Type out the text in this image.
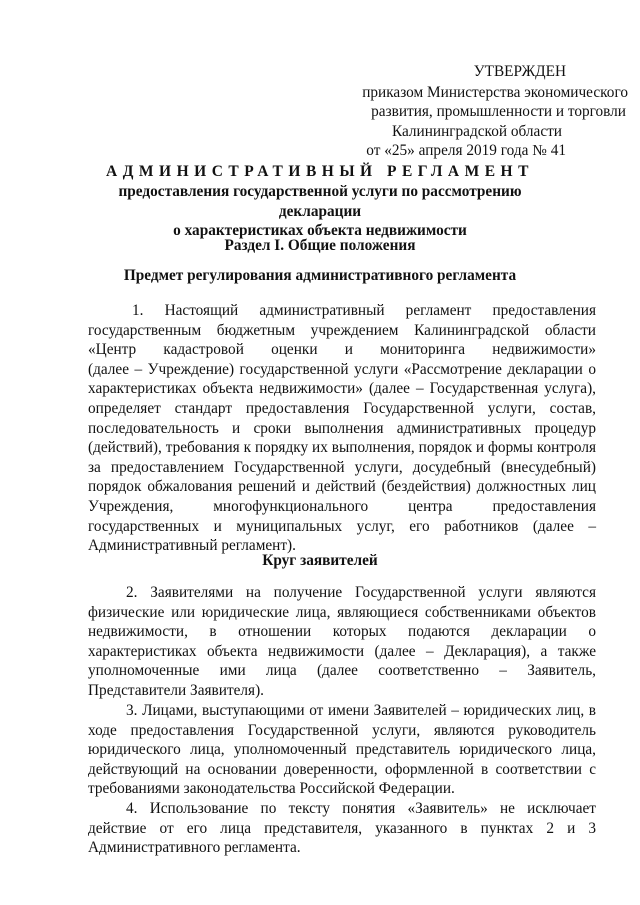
УТВЕРЖДЕН
приказом Министерства экономического
развития, промышленности и торговли
Калининградской области
от «25» апреля 2019 года № 41
АДМИНИСТРАТИВНЫЙ РЕГЛАМЕНТ
предоставления государственной услуги по рассмотрению декларации
о характеристиках объекта недвижимости
Раздел I. Общие положения
Предмет регулирования административного регламента
1. Настоящий административный регламент предоставления
государственным бюджетным учреждением Калининградской области
«Центр кадастровой оценки и мониторинга недвижимости»
(далее – Учреждение) государственной услуги «Рассмотрение декларации о
характеристиках объекта недвижимости» (далее – Государственная услуга),
определяет стандарт предоставления Государственной услуги, состав,
последовательность и сроки выполнения административных процедур
(действий), требования к порядку их выполнения, порядок и формы контроля
за предоставлением Государственной услуги, досудебный (внесудебный)
порядок обжалования решений и действий (бездействия) должностных лиц
Учреждения, многофункционального центра предоставления
государственных и муниципальных услуг, его работников (далее –
Административный регламент).
Круг заявителей
2. Заявителями на получение Государственной услуги являются
физические или юридические лица, являющиеся собственниками объектов
недвижимости, в отношении которых подаются декларации о
характеристиках объекта недвижимости (далее – Декларация), а также
уполномоченные ими лица (далее соответственно – Заявитель,
Представители Заявителя).
3. Лицами, выступающими от имени Заявителей – юридических лиц, в
ходе предоставления Государственной услуги, являются руководитель
юридического лица, уполномоченный представитель юридического лица,
действующий на основании доверенности, оформленной в соответствии с
требованиями законодательства Российской Федерации.
4. Использование по тексту понятия «Заявитель» не исключает
действие от его лица представителя, указанного в пунктах 2 и 3
Административного регламента.
